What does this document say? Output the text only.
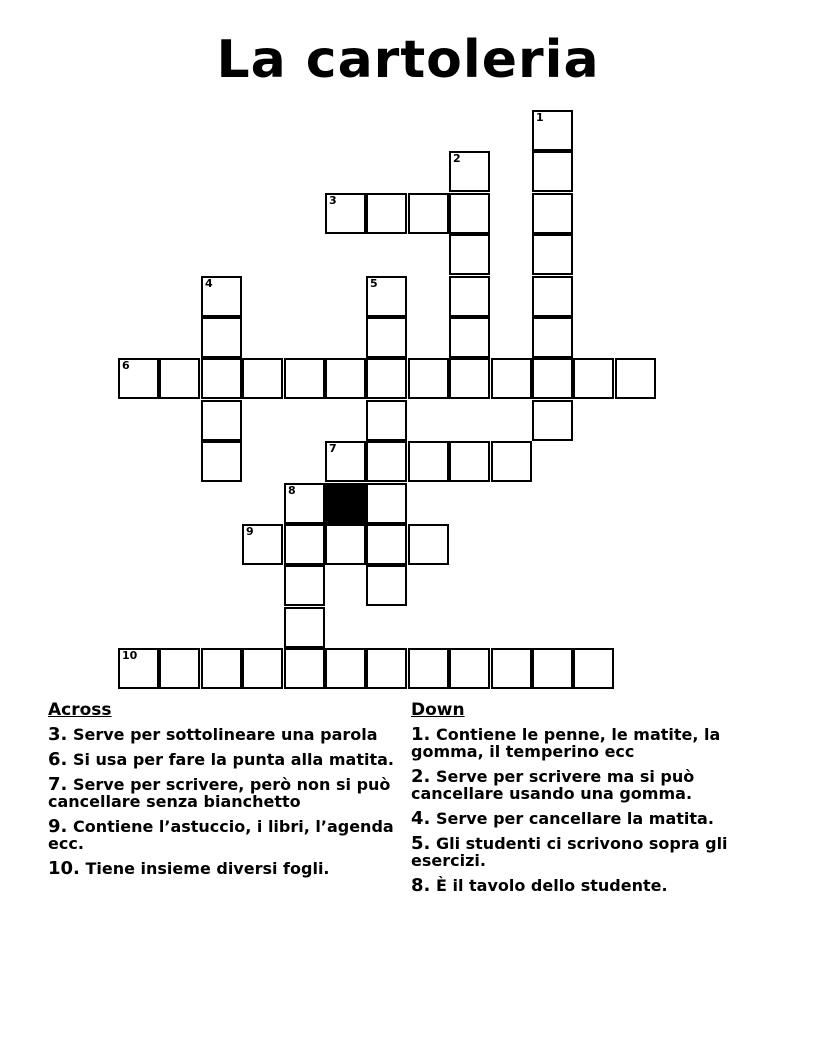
La cartoleria
1
2
3
4	5
6
7
8
9
10
Across
3. Serve per sottolineare una parola
6. Si usa per fare la punta alla matita.
7. Serve per scrivere, però non si può cancellare senza bianchetto
9. Contiene l’astuccio, i libri, l’agenda ecc.
10. Tiene insieme diversi fogli.
Down
1. Contiene le penne, le matite, la gomma, il temperino ecc
2. Serve per scrivere ma si può cancellare usando una gomma.
4. Serve per cancellare la matita.
5. Gli studenti ci scrivono sopra gli esercizi.
8. È il tavolo dello studente.
